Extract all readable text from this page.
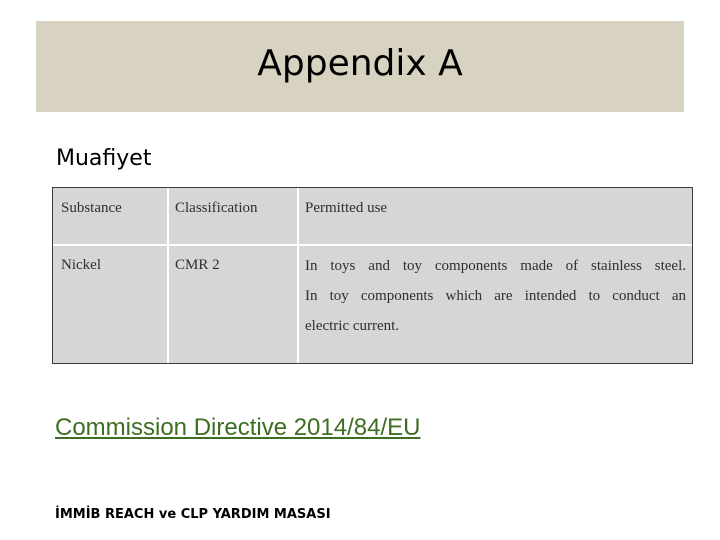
Appendix A
Muafiyet
Substance	Classification	Permitted use
Nickel	CMR 2	In toys and toy components made of stainless steel.
In toy components which are intended to conduct an
electric current.
Commission Directive 2014/84/EU
İMMİB REACH ve CLP YARDIM MASASI
